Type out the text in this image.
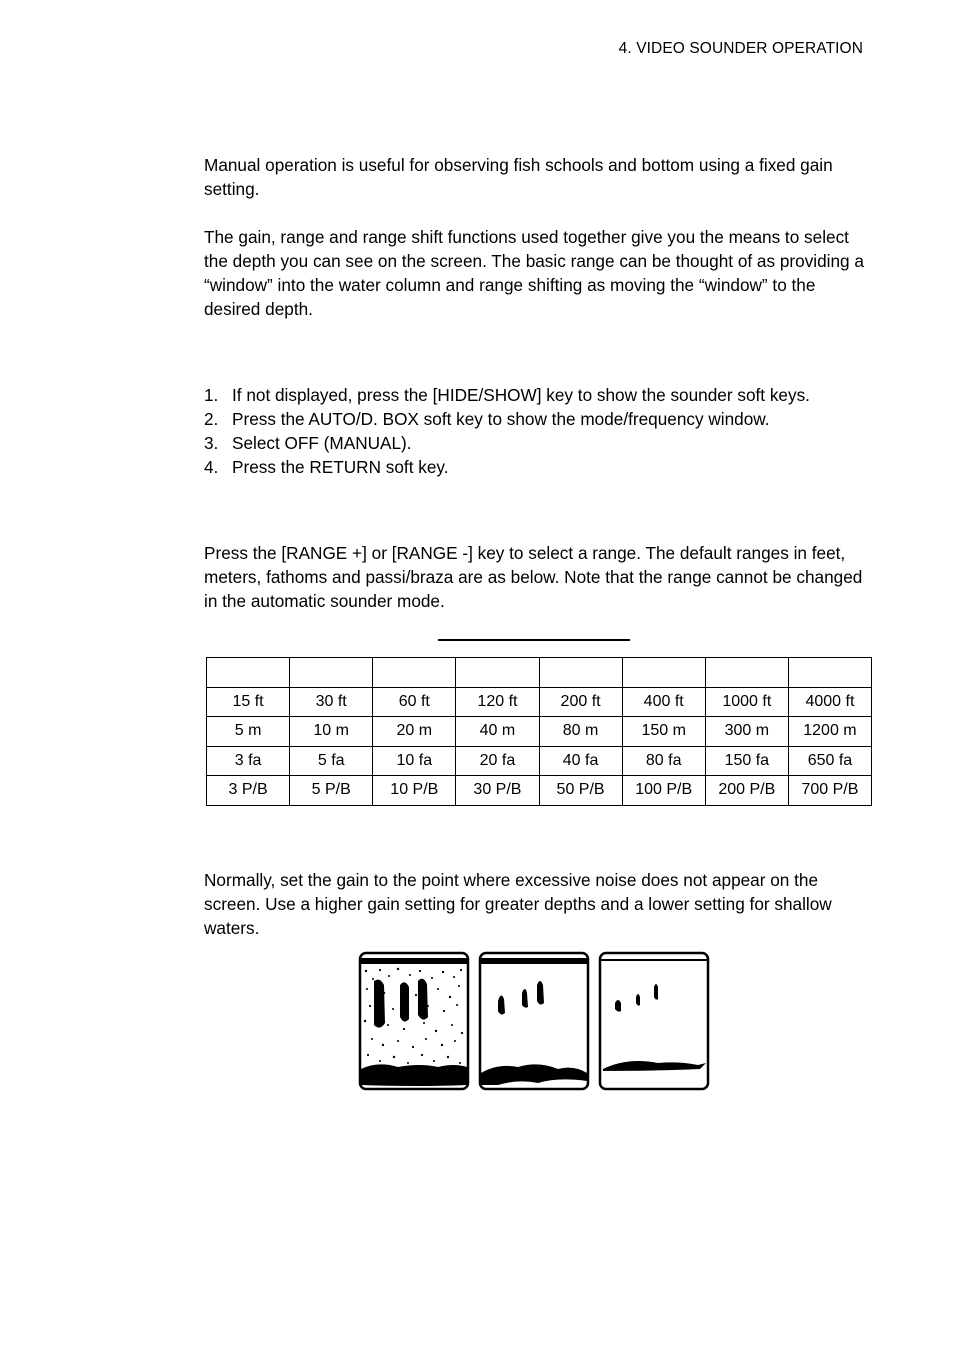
4. VIDEO SOUNDER OPERATION

Manual operation is useful for observing fish schools and bottom using a fixed gain setting.

The gain, range and range shift functions used together give you the means to select the depth you can see on the screen. The basic range can be thought of as providing a “window” into the water column and range shifting as moving the “window” to the desired depth.

1. If not displayed, press the [HIDE/SHOW] key to show the sounder soft keys.
2. Press the AUTO/D. BOX soft key to show the mode/frequency window.
3. Select OFF (MANUAL).
4. Press the RETURN soft key.

Press the [RANGE +] or [RANGE -] key to select a range. The default ranges in feet, meters, fathoms and passi/braza are as below. Note that the range cannot be changed in the automatic sounder mode.

15 ft	30 ft	60 ft	120 ft	200 ft	400 ft	1000 ft	4000 ft
5 m	10 m	20 m	40 m	80 m	150 m	300 m	1200 m
3 fa	5 fa	10 fa	20 fa	40 fa	80 fa	150 fa	650 fa
3 P/B	5 P/B	10 P/B	30 P/B	50 P/B	100 P/B	200 P/B	700 P/B

Normally, set the gain to the point where excessive noise does not appear on the screen. Use a higher gain setting for greater depths and a lower setting for shallow waters.
